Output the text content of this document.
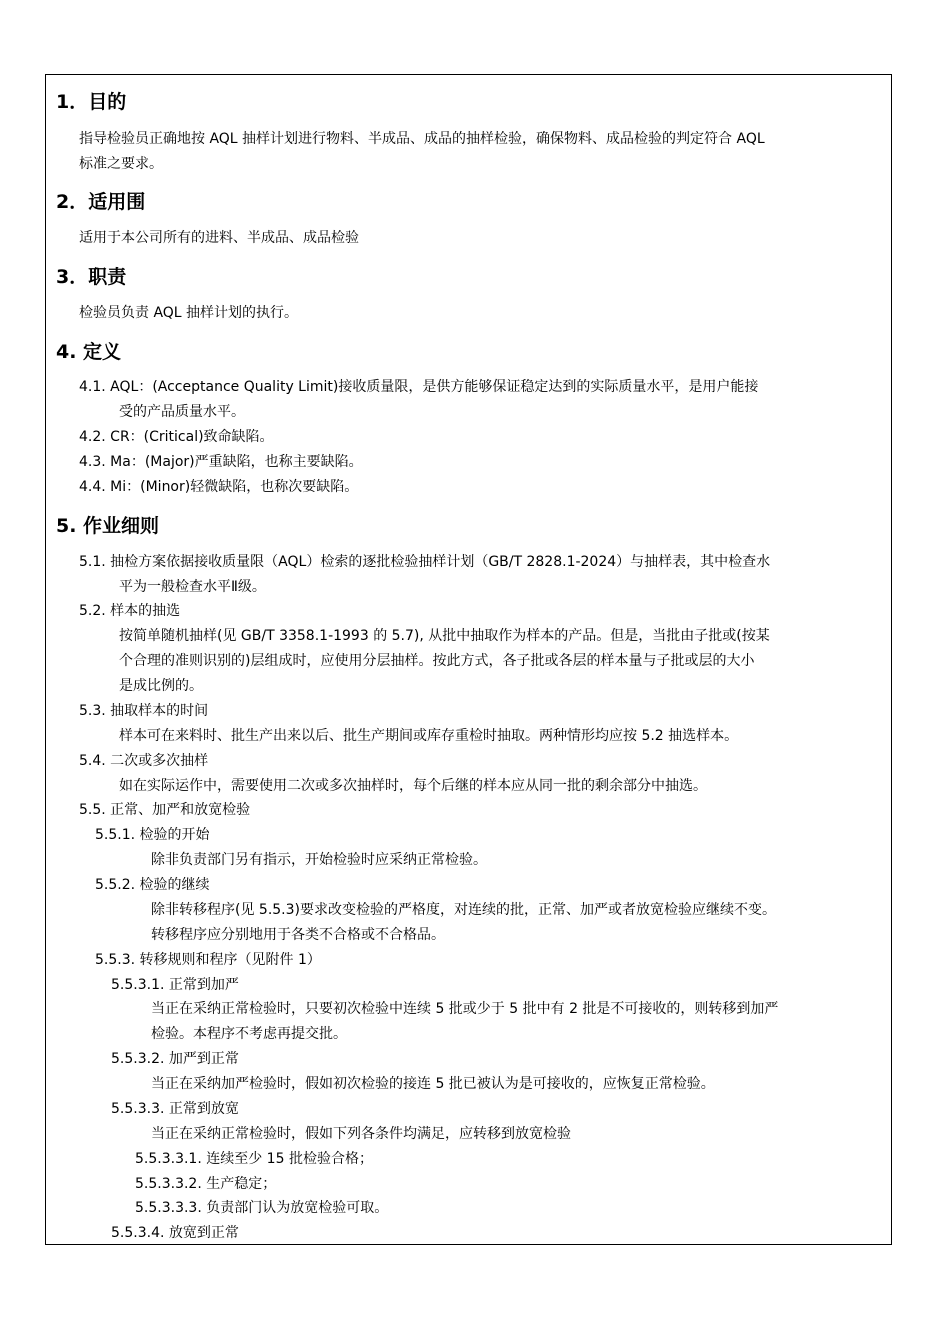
1．目的
指导检验员正确地按 AQL 抽样计划进行物料、半成品、成品的抽样检验，确保物料、成品检验的判定符合 AQL
标准之要求。
2．适用围
适用于本公司所有的进料、半成品、成品检验
3．职责
检验员负责 AQL 抽样计划的执行。
4. 定义
4.1. AQL：(Acceptance Quality Limit)接收质量限，是供方能够保证稳定达到的实际质量水平，是用户能接
受的产品质量水平。
4.2. CR：(Critical)致命缺陷。
4.3. Ma：(Major)严重缺陷，也称主要缺陷。
4.4. Mi：(Minor)轻微缺陷，也称次要缺陷。
5. 作业细则
5.1. 抽检方案依据接收质量限（AQL）检索的逐批检验抽样计划（GB/T 2828.1-2024）与抽样表，其中检查水
平为一般检查水平Ⅱ级。
5.2. 样本的抽选
按简单随机抽样(见 GB/T 3358.1-1993 的 5.7), 从批中抽取作为样本的产品。但是，当批由子批或(按某
个合理的准则识别的)层组成时，应使用分层抽样。按此方式，各子批或各层的样本量与子批或层的大小
是成比例的。
5.3. 抽取样本的时间
样本可在来料时、批生产出来以后、批生产期间或库存重检时抽取。两种情形均应按 5.2 抽选样本。
5.4. 二次或多次抽样
如在实际运作中，需要使用二次或多次抽样时，每个后继的样本应从同一批的剩余部分中抽选。
5.5. 正常、加严和放宽检验
5.5.1. 检验的开始
除非负责部门另有指示，开始检验时应采纳正常检验。
5.5.2. 检验的继续
除非转移程序(见 5.5.3)要求改变检验的严格度，对连续的批，正常、加严或者放宽检验应继续不变。
转移程序应分别地用于各类不合格或不合格品。
5.5.3. 转移规则和程序（见附件 1）
5.5.3.1. 正常到加严
当正在采纳正常检验时，只要初次检验中连续 5 批或少于 5 批中有 2 批是不可接收的，则转移到加严
检验。本程序不考虑再提交批。
5.5.3.2. 加严到正常
当正在采纳加严检验时，假如初次检验的接连 5 批已被认为是可接收的，应恢复正常检验。
5.5.3.3. 正常到放宽
当正在采纳正常检验时，假如下列各条件均满足，应转移到放宽检验
5.5.3.3.1. 连续至少 15 批检验合格；
5.5.3.3.2. 生产稳定；
5.5.3.3.3. 负责部门认为放宽检验可取。
5.5.3.4. 放宽到正常
